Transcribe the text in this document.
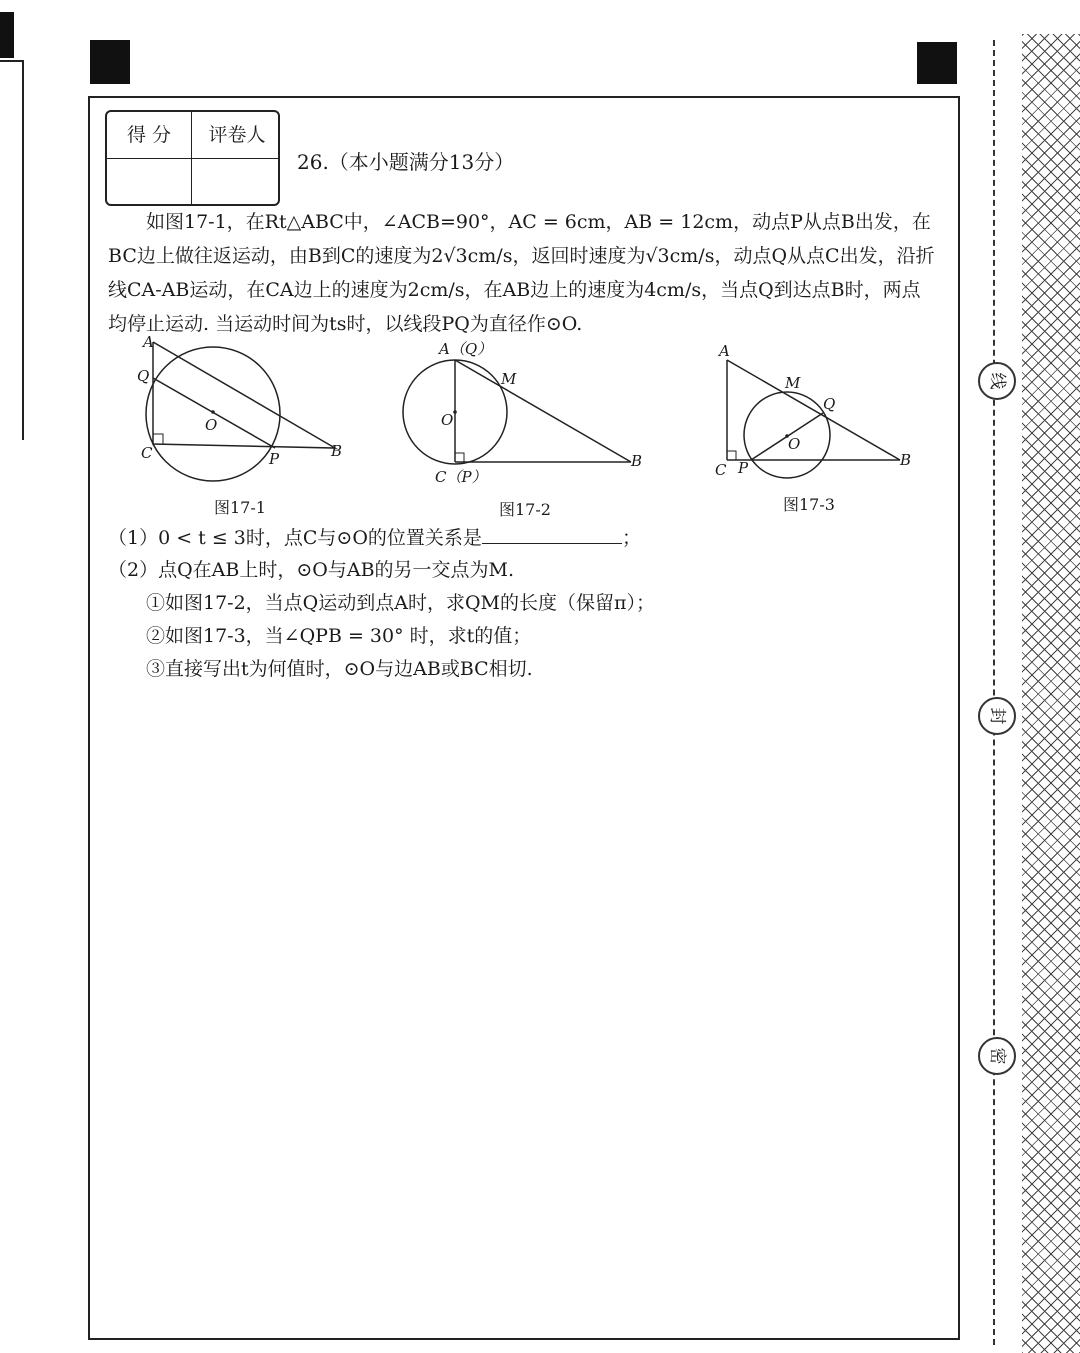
得 分	评卷人
26.（本小题满分13分）
如图17-1，在Rt△ABC中，∠ACB=90°，AC = 6cm，AB = 12cm，动点P从点B出发，在
BC边上做往返运动，由B到C的速度为2√3cm/s，返回时速度为√3cm/s，动点Q从点C出发，沿折
线CA-AB运动，在CA边上的速度为2cm/s，在AB边上的速度为4cm/s，当点Q到达点B时，两点
均停止运动. 当运动时间为ts时，以线段PQ为直径作⊙O.
A
Q
O
C	P	B
图17-1
A（Q）
M
O
C（P）
B
图17-2
A
M
Q
O
C P	B
图17-3
（1）0 < t ≤ 3时，点C与⊙O的位置关系是	；
（2）点Q在AB上时，⊙O与AB的另一交点为M.
①如图17-2，当点Q运动到点A时，求QM的长度（保留π）；
②如图17-3，当∠QPB = 30° 时，求t的值；
③直接写出t为何值时，⊙O与边AB或BC相切.
线
封
密
